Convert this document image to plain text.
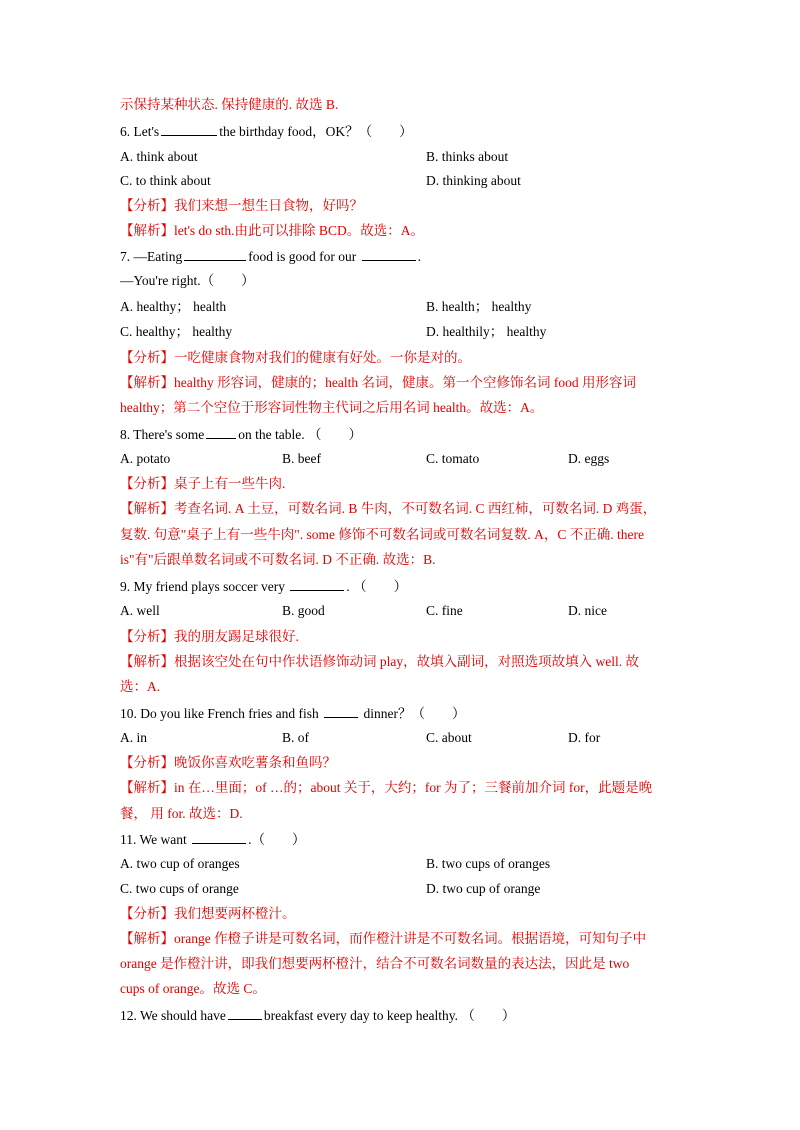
示保持某种状态. 保持健康的. 故选 B.
6. Let's	the birthday food，OK？（　　）
A. think about	B. thinks about
C. to think about	D. thinking about
【分析】我们来想一想生日食物，好吗？
【解析】let's do sth.由此可以排除 BCD。故选：A。
7. —Eating	food is good for our	.
—You're right.（　　）
A. healthy； health	B. health； healthy
C. healthy； healthy	D. healthily； healthy
【分析】一吃健康食物对我们的健康有好处。一你是对的。
【解析】healthy 形容词，健康的；health 名词，健康。第一个空修饰名词 food 用形容词
healthy；第二个空位于形容词性物主代词之后用名词 health。故选：A。
8. There's some	on the table. （　　）
A. potato	B. beef	C. tomato	D. eggs
【分析】桌子上有一些牛肉.
【解析】考查名词. A 土豆，可数名词. B 牛肉，不可数名词. C 西红柿，可数名词. D 鸡蛋，
复数. 句意"桌子上有一些牛肉". some 修饰不可数名词或可数名词复数. A，C 不正确. there
is"有"后跟单数名词或不可数名词. D 不正确. 故选：B.
9. My friend plays soccer very	. （　　）
A. well	B. good	C. fine	D. nice
【分析】我的朋友踢足球很好.
【解析】根据该空处在句中作状语修饰动词 play，故填入副词，对照选项故填入 well. 故
选：A.
10. Do you like French fries and fish	dinner？（　　）
A. in	B. of	C. about	D. for
【分析】晚饭你喜欢吃薯条和鱼吗？
【解析】in 在…里面；of …的；about 关于，大约；for 为了；三餐前加介词 for，此题是晚
餐， 用 for. 故选：D.
11. We want	.（　　）
A. two cup of oranges	B. two cups of oranges
C. two cups of orange	D. two cup of orange
【分析】我们想要两杯橙汁。
【解析】orange 作橙子讲是可数名词，而作橙汁讲是不可数名词。根据语境，可知句子中
orange 是作橙汁讲，即我们想要两杯橙汁，结合不可数名词数量的表达法，因此是 two
cups of orange。故选 C。
12. We should have	breakfast every day to keep healthy. （　　）
